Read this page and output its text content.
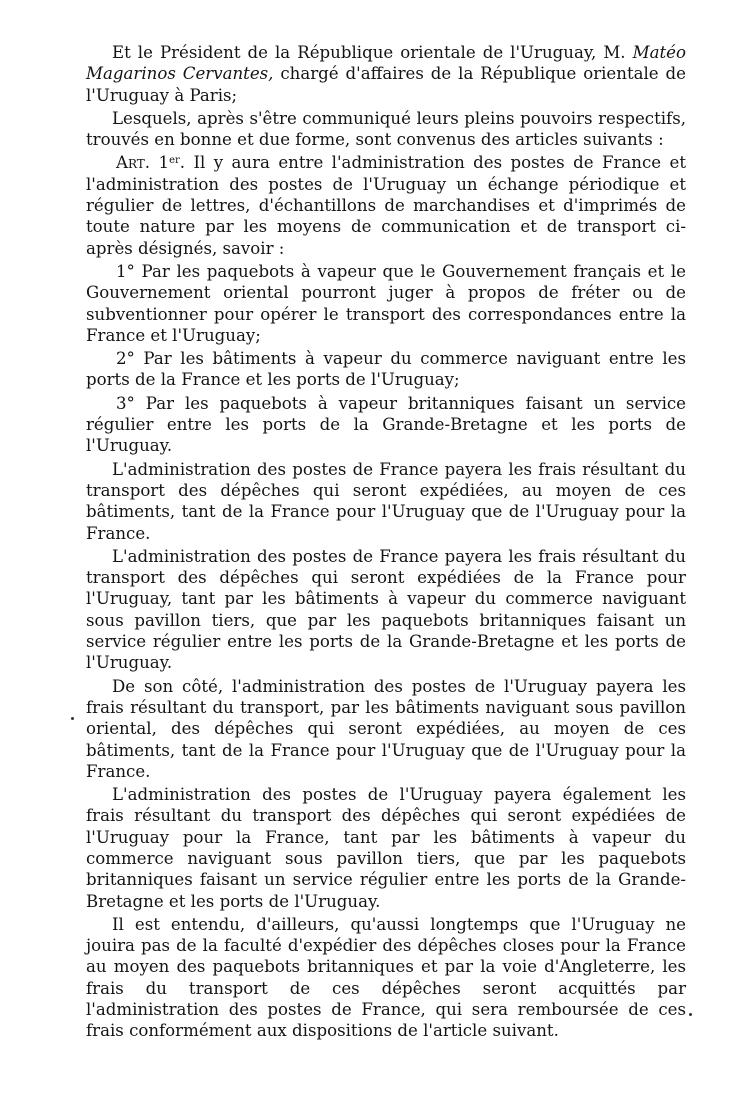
Et le Président de la République orientale de l'Uruguay, M. Matéo Magarinos Cervantes, chargé d'affaires de la République orientale de l'Uruguay à Paris;

Lesquels, après s'être communiqué leurs pleins pouvoirs respectifs, trouvés en bonne et due forme, sont convenus des articles suivants :

Art. 1er. Il y aura entre l'administration des postes de France et l'administration des postes de l'Uruguay un échange périodique et régulier de lettres, d'échantillons de marchandises et d'imprimés de toute nature par les moyens de communication et de transport ci-après désignés, savoir :

1° Par les paquebots à vapeur que le Gouvernement français et le Gouvernement oriental pourront juger à propos de fréter ou de subventionner pour opérer le transport des correspondances entre la France et l'Uruguay;

2° Par les bâtiments à vapeur du commerce naviguant entre les ports de la France et les ports de l'Uruguay;

3° Par les paquebots à vapeur britanniques faisant un service régulier entre les ports de la Grande-Bretagne et les ports de l'Uruguay.

L'administration des postes de France payera les frais résultant du transport des dépêches qui seront expédiées, au moyen de ces bâtiments, tant de la France pour l'Uruguay que de l'Uruguay pour la France.

L'administration des postes de France payera les frais résultant du transport des dépêches qui seront expédiées de la France pour l'Uruguay, tant par les bâtiments à vapeur du commerce naviguant sous pavillon tiers, que par les paquebots britanniques faisant un service régulier entre les ports de la Grande-Bretagne et les ports de l'Uruguay.

De son côté, l'administration des postes de l'Uruguay payera les frais résultant du transport, par les bâtiments naviguant sous pavillon oriental, des dépêches qui seront expédiées, au moyen de ces bâtiments, tant de la France pour l'Uruguay que de l'Uruguay pour la France.

L'administration des postes de l'Uruguay payera également les frais résultant du transport des dépêches qui seront expédiées de l'Uruguay pour la France, tant par les bâtiments à vapeur du commerce naviguant sous pavillon tiers, que par les paquebots britanniques faisant un service régulier entre les ports de la Grande-Bretagne et les ports de l'Uruguay.

Il est entendu, d'ailleurs, qu'aussi longtemps que l'Uruguay ne jouira pas de la faculté d'expédier des dépêches closes pour la France au moyen des paquebots britanniques et par la voie d'Angleterre, les frais du transport de ces dépêches seront acquittés par l'administration des postes de France, qui sera remboursée de ces frais conformément aux dispositions de l'article suivant.
